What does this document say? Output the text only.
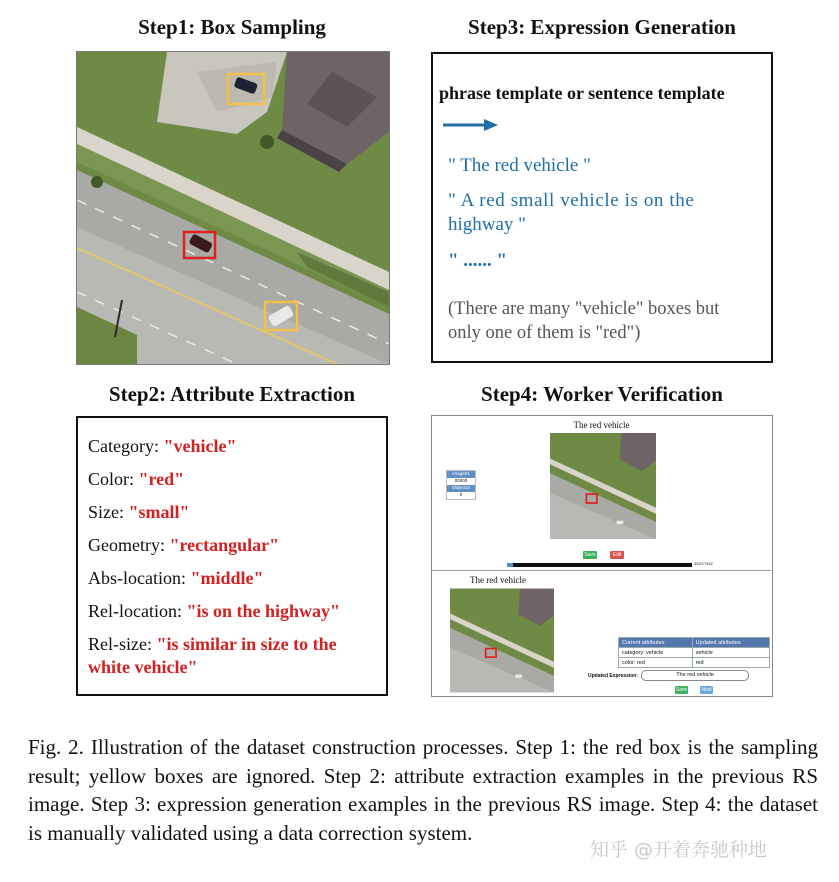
Step1: Box Sampling	Step3: Expression Generation
phrase template or sentence template
" The red vehicle "
" A red small vehicle is on the
highway "
" ...... "
(There are many "vehicle" boxes but
only one of them is "red")
Step2: Attribute Extraction
Category: "vehicle"
Color: "red"
Size: "small"
Geometry: "rectangular"
Abs-location: "middle"
Rel-location: "is on the highway"
Rel-size: "is similar in size to the
white vehicle"
Step4: Worker Verification
The red vehicle
image01
00000
Object10
0
Save	Edit
392/17402
The red vehicle
Current attributes	Updated attributes
category: vehicle	vehicle
color: red	red
Updated Expression:	The red vehicle
Save	Next
Fig. 2. Illustration of the dataset construction processes. Step 1: the red box is the sampling result; yellow boxes are ignored. Step 2: attribute extraction examples in the previous RS image. Step 3: expression generation examples in the previous RS image. Step 4: the dataset is manually validated using a data correction system.
知乎 @开着奔驰种地
